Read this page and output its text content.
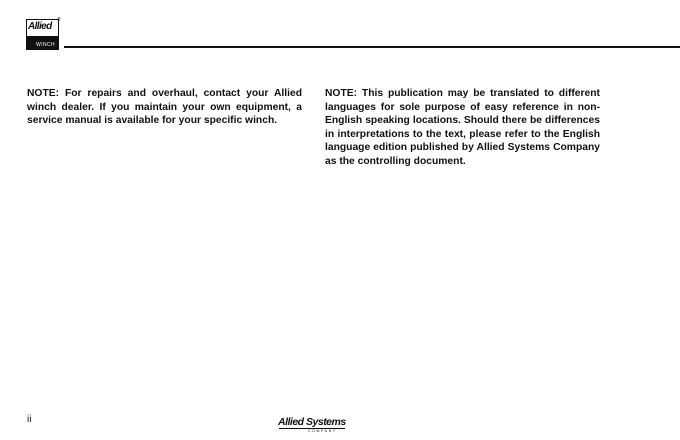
Allied
WINCH
®

NOTE: For repairs and overhaul, contact your Allied winch dealer. If you maintain your own equipment, a service manual is available for your specific winch.

NOTE: This publication may be translated to different languages for sole purpose of easy reference in non-English speaking locations. Should there be differences in interpretations to the text, please refer to the English language edition published by Allied Systems Company as the controlling document.

ii	Allied Systems
COMPANY
